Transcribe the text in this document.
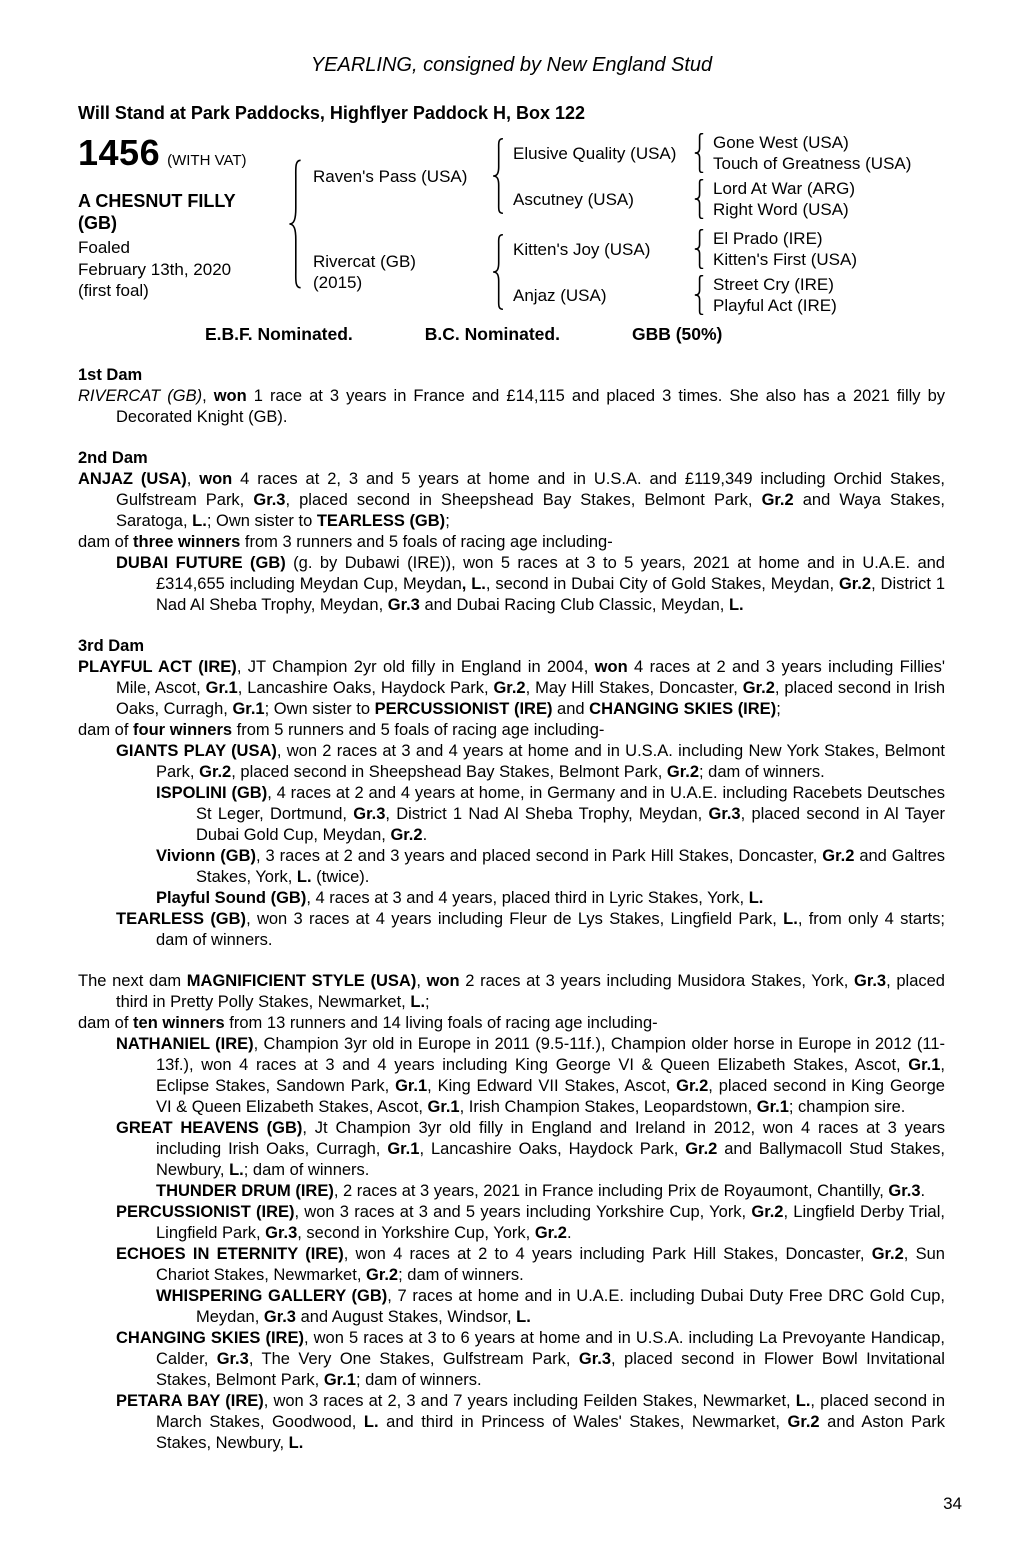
YEARLING, consigned by New England Stud
Will Stand at Park Paddocks, Highflyer Paddock H, Box 122
1456 (WITH VAT)
A CHESNUT FILLY
(GB)
Foaled
February 13th, 2020
(first foal)
Raven's Pass (USA)
Elusive Quality (USA)
Gone West (USA)
Touch of Greatness (USA)
Ascutney (USA)
Lord At War (ARG)
Right Word (USA)
Rivercat (GB)
(2015)
Kitten's Joy (USA)
El Prado (IRE)
Kitten's First (USA)
Anjaz (USA)
Street Cry (IRE)
Playful Act (IRE)
E.B.F. Nominated.	B.C. Nominated.	GBB (50%)

1st Dam

RIVERCAT (GB), won 1 race at 3 years in France and £14,115 and placed 3 times. She also has a 2021 filly by Decorated Knight (GB).

2nd Dam

ANJAZ (USA), won 4 races at 2, 3 and 5 years at home and in U.S.A. and £119,349 including Orchid Stakes, Gulfstream Park, Gr.3, placed second in Sheepshead Bay Stakes, Belmont Park, Gr.2 and Waya Stakes, Saratoga, L.; Own sister to TEARLESS (GB);

dam of three winners from 3 runners and 5 foals of racing age including-

DUBAI FUTURE (GB) (g. by Dubawi (IRE)), won 5 races at 3 to 5 years, 2021 at home and in U.A.E. and £314,655 including Meydan Cup, Meydan, L., second in Dubai City of Gold Stakes, Meydan, Gr.2, District 1 Nad Al Sheba Trophy, Meydan, Gr.3 and Dubai Racing Club Classic, Meydan, L.

3rd Dam

PLAYFUL ACT (IRE), JT Champion 2yr old filly in England in 2004, won 4 races at 2 and 3 years including Fillies' Mile, Ascot, Gr.1, Lancashire Oaks, Haydock Park, Gr.2, May Hill Stakes, Doncaster, Gr.2, placed second in Irish Oaks, Curragh, Gr.1; Own sister to PERCUSSIONIST (IRE) and CHANGING SKIES (IRE);

dam of four winners from 5 runners and 5 foals of racing age including-

GIANTS PLAY (USA), won 2 races at 3 and 4 years at home and in U.S.A. including New York Stakes, Belmont Park, Gr.2, placed second in Sheepshead Bay Stakes, Belmont Park, Gr.2; dam of winners.

ISPOLINI (GB), 4 races at 2 and 4 years at home, in Germany and in U.A.E. including Racebets Deutsches St Leger, Dortmund, Gr.3, District 1 Nad Al Sheba Trophy, Meydan, Gr.3, placed second in Al Tayer Dubai Gold Cup, Meydan, Gr.2.

Vivionn (GB), 3 races at 2 and 3 years and placed second in Park Hill Stakes, Doncaster, Gr.2 and Galtres Stakes, York, L. (twice).

Playful Sound (GB), 4 races at 3 and 4 years, placed third in Lyric Stakes, York, L.

TEARLESS (GB), won 3 races at 4 years including Fleur de Lys Stakes, Lingfield Park, L., from only 4 starts; dam of winners.

The next dam MAGNIFICIENT STYLE (USA), won 2 races at 3 years including Musidora Stakes, York, Gr.3, placed third in Pretty Polly Stakes, Newmarket, L.;

dam of ten winners from 13 runners and 14 living foals of racing age including-

NATHANIEL (IRE), Champion 3yr old in Europe in 2011 (9.5-11f.), Champion older horse in Europe in 2012 (11-13f.), won 4 races at 3 and 4 years including King George VI & Queen Elizabeth Stakes, Ascot, Gr.1, Eclipse Stakes, Sandown Park, Gr.1, King Edward VII Stakes, Ascot, Gr.2, placed second in King George VI & Queen Elizabeth Stakes, Ascot, Gr.1, Irish Champion Stakes, Leopardstown, Gr.1; champion sire.

GREAT HEAVENS (GB), Jt Champion 3yr old filly in England and Ireland in 2012, won 4 races at 3 years including Irish Oaks, Curragh, Gr.1, Lancashire Oaks, Haydock Park, Gr.2 and Ballymacoll Stud Stakes, Newbury, L.; dam of winners.

THUNDER DRUM (IRE), 2 races at 3 years, 2021 in France including Prix de Royaumont, Chantilly, Gr.3.

PERCUSSIONIST (IRE), won 3 races at 3 and 5 years including Yorkshire Cup, York, Gr.2, Lingfield Derby Trial, Lingfield Park, Gr.3, second in Yorkshire Cup, York, Gr.2.

ECHOES IN ETERNITY (IRE), won 4 races at 2 to 4 years including Park Hill Stakes, Doncaster, Gr.2, Sun Chariot Stakes, Newmarket, Gr.2; dam of winners.

WHISPERING GALLERY (GB), 7 races at home and in U.A.E. including Dubai Duty Free DRC Gold Cup, Meydan, Gr.3 and August Stakes, Windsor, L.

CHANGING SKIES (IRE), won 5 races at 3 to 6 years at home and in U.S.A. including La Prevoyante Handicap, Calder, Gr.3, The Very One Stakes, Gulfstream Park, Gr.3, placed second in Flower Bowl Invitational Stakes, Belmont Park, Gr.1; dam of winners.

PETARA BAY (IRE), won 3 races at 2, 3 and 7 years including Feilden Stakes, Newmarket, L., placed second in March Stakes, Goodwood, L. and third in Princess of Wales' Stakes, Newmarket, Gr.2 and Aston Park Stakes, Newbury, L.

34
